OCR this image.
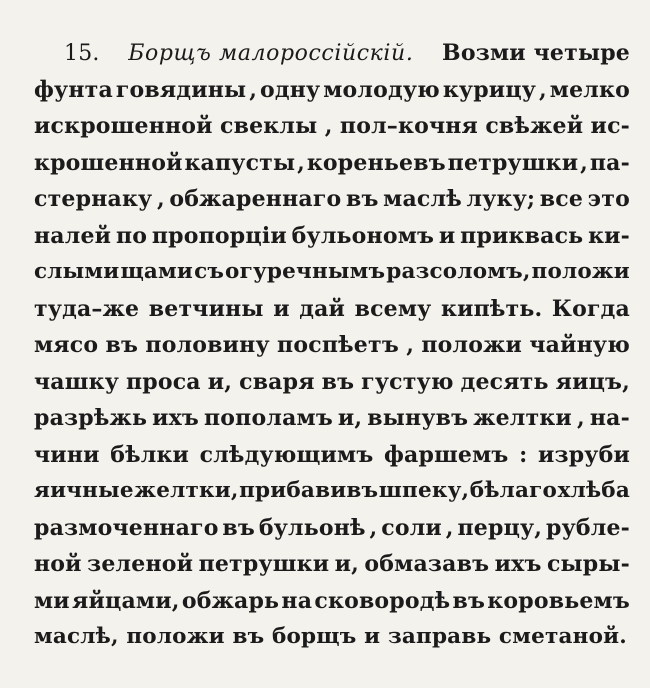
15. Борщъ малороссійскій. Возми четыре
фунта говядины , одну молодую курицу , мелко
искрошенной свеклы , пол–кочня свѣжей ис-
крошенной капусты , кореньевъ петрушки , па-
стернаку , обжареннаго въ маслѣ луку; все это
налей по пропорціи бульономъ и приквась ки-
слыми щами съ огуречнымъ разсоломъ, положи
туда–же ветчины и дай всему кипѣть. Когда
мясо въ половину поспѣетъ , положи чайную
чашку проса и, сваря въ густую десять яицъ,
разрѣжь ихъ пополамъ и, вынувъ желтки , на-
чини бѣлки слѣдующимъ фаршемъ : изруби
яичные желтки, прибавивъ шпеку, бѣлаго хлѣба
размоченнаго въ бульонѣ , соли , перцу, рубле-
ной зеленой петрушки и, обмазавъ ихъ сыры-
ми яйцами, обжарь на сковородѣ въ коровьемъ
маслѣ, положи въ борщъ и заправь сметаной.
